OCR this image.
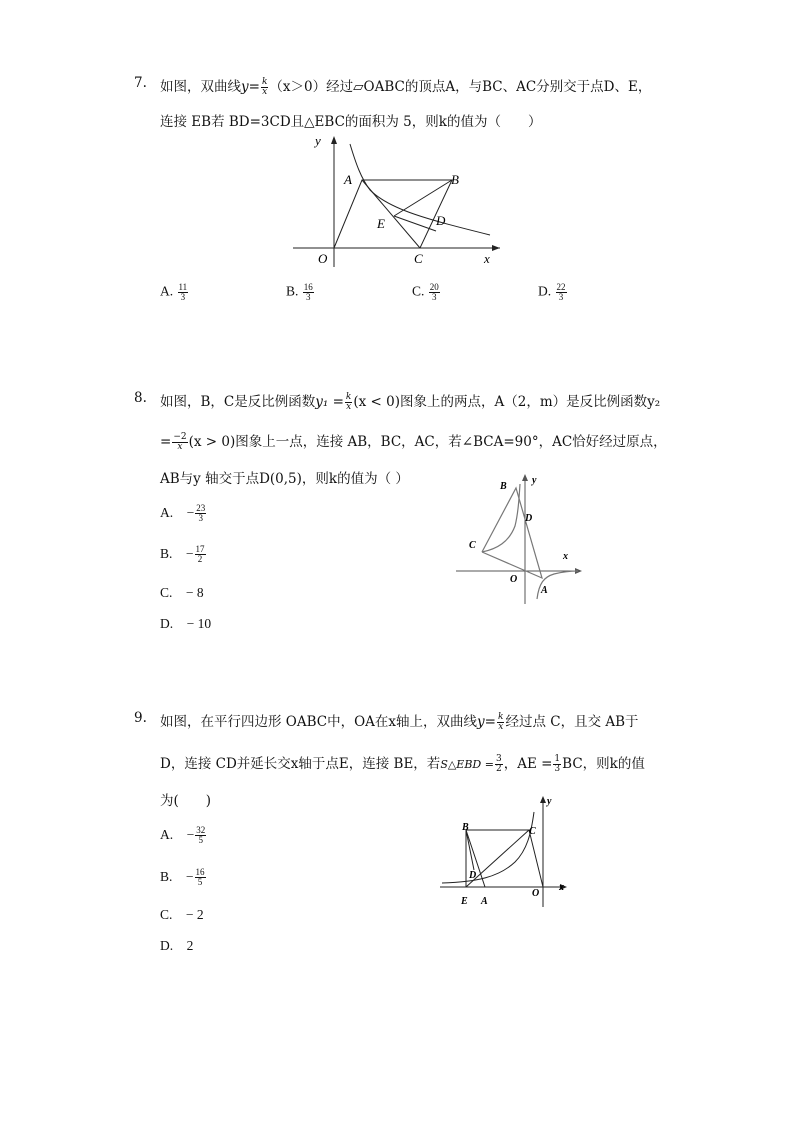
7. 如图，双曲线$y= \frac{k}{x} (x>0)$经过▱OABC的顶点A，与BC、AC分别交于点D、E，
连接 EB若 BD=3CD且△EBC的面积为 5，则k的值为（　　）
y
A	B
E	D
O	C	x
A. $\frac{11}{3}$	B. $\frac{16}{3}$	C. $\frac{20}{3}$	D. $\frac{22}{3}$
8. 如图，B，C是反比例函数$y_1 = \frac{k}{x} (x < 0)$图象上的两点，A（2，m）是反比例函数y₂
= $\frac{-2}{x} (x > 0)$图象上一点，连接 AB，BC，AC，若∠BCA=90°，AC恰好经过原点，
AB与y 轴交于点D(0,5)，则k的值为（ ）
A.　 − $\frac{23}{3}$
B.　 − $\frac{17}{2}$
C.　 − 8
D.　 − 10
B
y
D
C
x
O
A
9. 如图，在平行四边形 OABC中，OA在x轴上，双曲线$y= \frac{k}{x}$ 经过点 C，且交 AB于
D，连接 CD并延长交x轴于点E，连接 BE，若S△EBD = $\frac{3}{2}$ ，AE = $\frac{1}{3}$ BC，则k的值
为(　　)
A.　 − $\frac{32}{5}$
B.　 − $\frac{16}{5}$
C.　 − 2
D.　 2
y
B	C
D
E A
O
x
